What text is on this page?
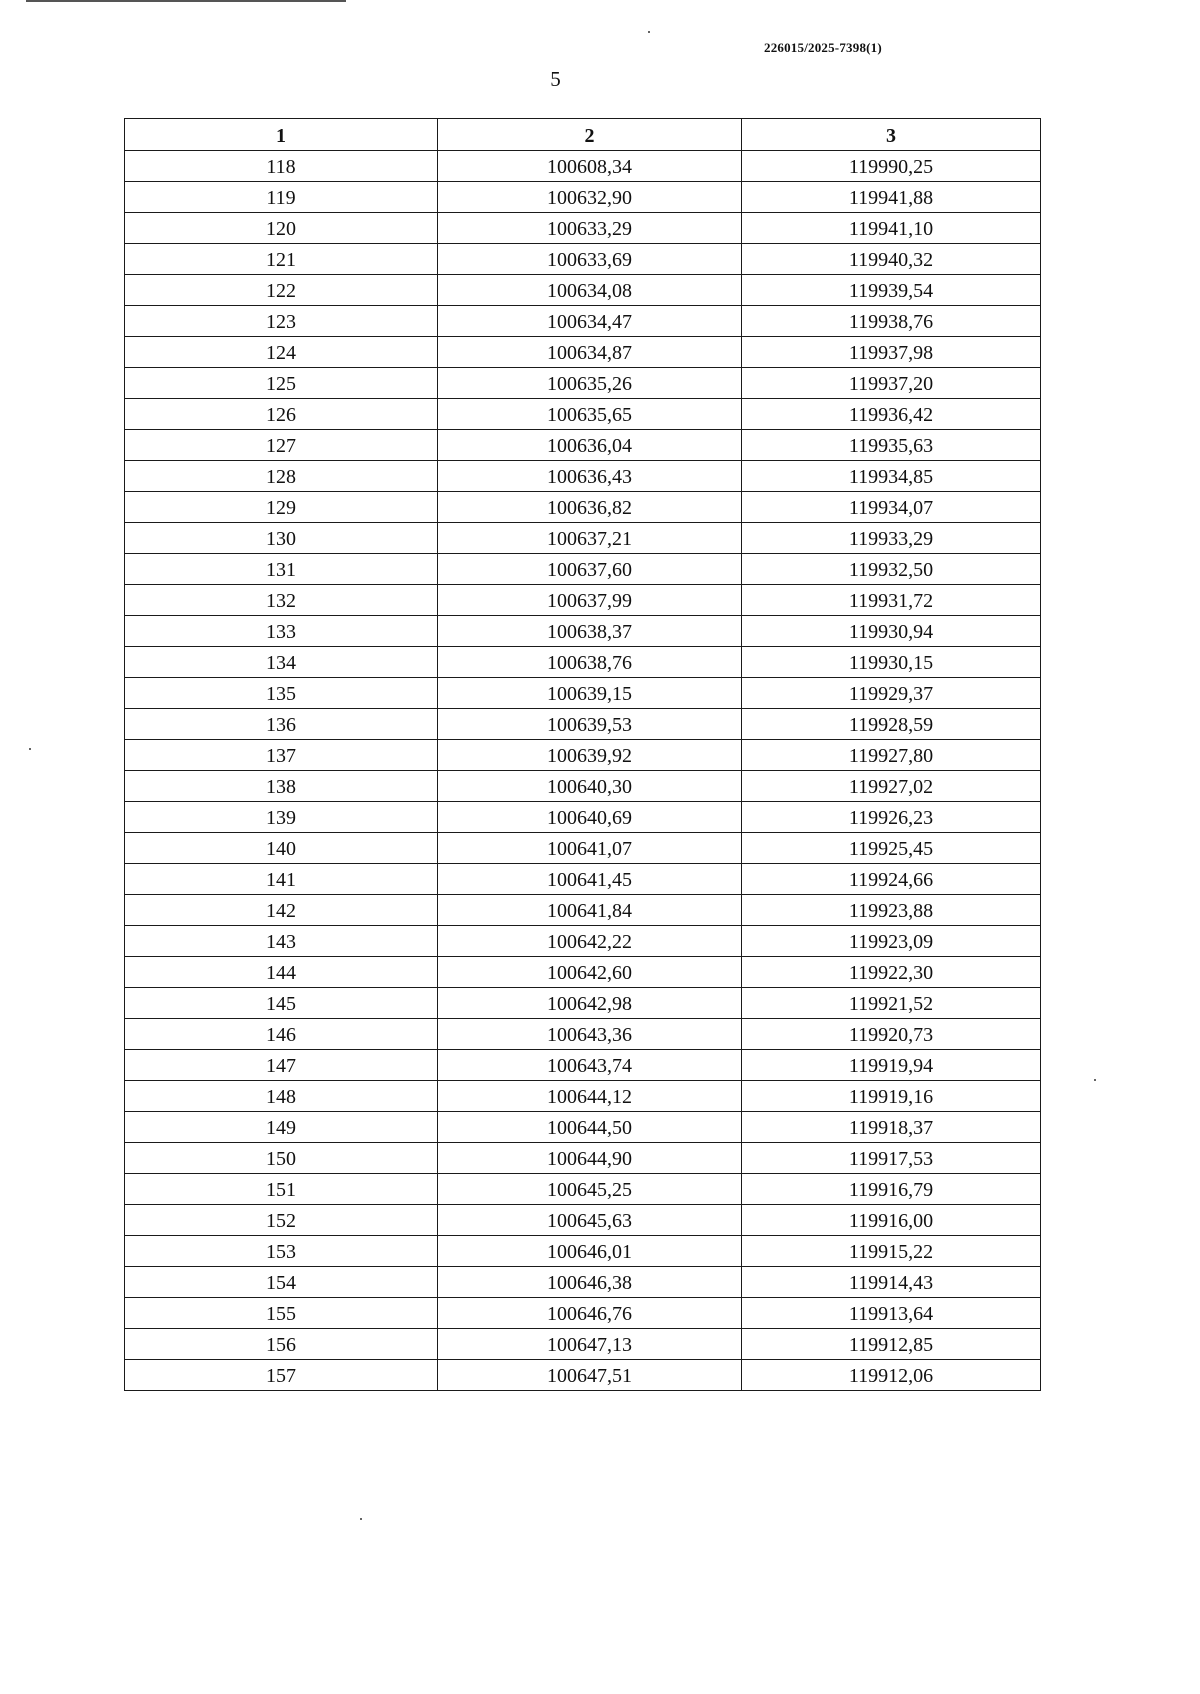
226015/2025-7398(1)
5
1	2	3
118	100608,34	119990,25
119	100632,90	119941,88
120	100633,29	119941,10
121	100633,69	119940,32
122	100634,08	119939,54
123	100634,47	119938,76
124	100634,87	119937,98
125	100635,26	119937,20
126	100635,65	119936,42
127	100636,04	119935,63
128	100636,43	119934,85
129	100636,82	119934,07
130	100637,21	119933,29
131	100637,60	119932,50
132	100637,99	119931,72
133	100638,37	119930,94
134	100638,76	119930,15
135	100639,15	119929,37
136	100639,53	119928,59
137	100639,92	119927,80
138	100640,30	119927,02
139	100640,69	119926,23
140	100641,07	119925,45
141	100641,45	119924,66
142	100641,84	119923,88
143	100642,22	119923,09
144	100642,60	119922,30
145	100642,98	119921,52
146	100643,36	119920,73
147	100643,74	119919,94
148	100644,12	119919,16
149	100644,50	119918,37
150	100644,90	119917,53
151	100645,25	119916,79
152	100645,63	119916,00
153	100646,01	119915,22
154	100646,38	119914,43
155	100646,76	119913,64
156	100647,13	119912,85
157	100647,51	119912,06
